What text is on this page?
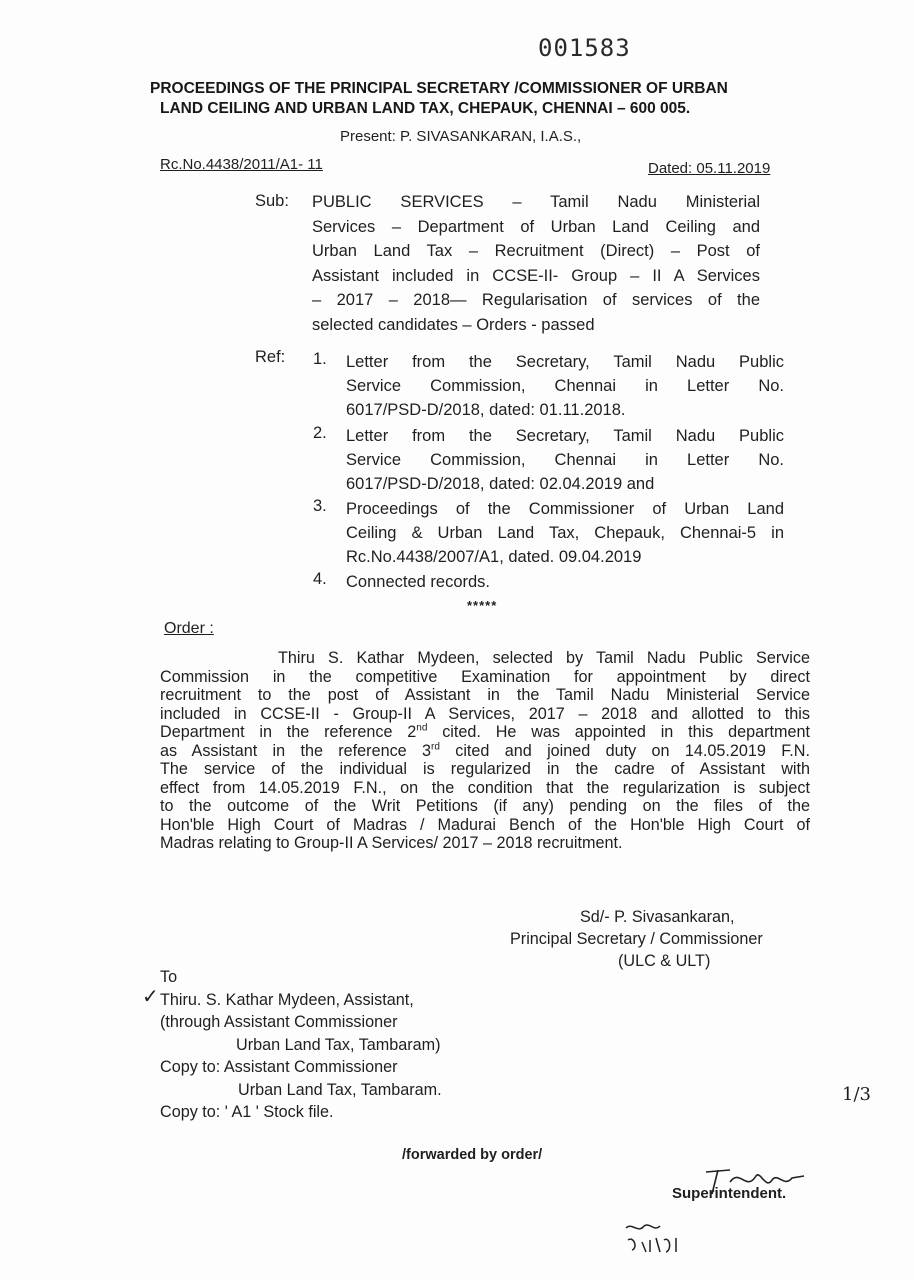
001583
PROCEEDINGS OF THE PRINCIPAL SECRETARY /COMMISSIONER OF URBAN
LAND CEILING AND URBAN LAND TAX, CHEPAUK, CHENNAI – 600 005.
Present: P. SIVASANKARAN, I.A.S.,
Rc.No.4438/2011/A1- 11	Dated: 05.11.2019
Sub: PUBLIC SERVICES – Tamil Nadu Ministerial
Services – Department of Urban Land Ceiling and
Urban Land Tax – Recruitment (Direct) – Post of
Assistant included in CCSE-II- Group – II A Services
– 2017 – 2018— Regularisation of services of the
selected candidates – Orders - passed
Ref: 1. Letter from the Secretary, Tamil Nadu Public
Service Commission, Chennai in Letter No.
6017/PSD-D/2018, dated: 01.11.2018.
2. Letter from the Secretary, Tamil Nadu Public
Service Commission, Chennai in Letter No.
6017/PSD-D/2018, dated: 02.04.2019 and
3. Proceedings of the Commissioner of Urban Land
Ceiling & Urban Land Tax, Chepauk, Chennai-5 in
Rc.No.4438/2007/A1, dated. 09.04.2019
4. Connected records.
*****
Order :
Thiru S. Kathar Mydeen, selected by Tamil Nadu Public Service
Commission in the competitive Examination for appointment by direct
recruitment to the post of Assistant in the Tamil Nadu Ministerial Service
included in CCSE-II - Group-II A Services, 2017 – 2018 and allotted to this
Department in the reference 2nd cited. He was appointed in this department
as Assistant in the reference 3rd cited and joined duty on 14.05.2019 F.N.
The service of the individual is regularized in the cadre of Assistant with
effect from 14.05.2019 F.N., on the condition that the regularization is subject
to the outcome of the Writ Petitions (if any) pending on the files of the
Hon'ble High Court of Madras / Madurai Bench of the Hon'ble High Court of
Madras relating to Group-II A Services/ 2017 – 2018 recruitment.
Sd/- P. Sivasankaran,
Principal Secretary / Commissioner
(ULC & ULT)
✓
To
Thiru. S. Kathar Mydeen, Assistant,
(through Assistant Commissioner
Urban Land Tax, Tambaram)
Copy to: Assistant Commissioner
Urban Land Tax, Tambaram.
Copy to: ' A1 ' Stock file.
1/3
/forwarded by order/
Superintendent.
